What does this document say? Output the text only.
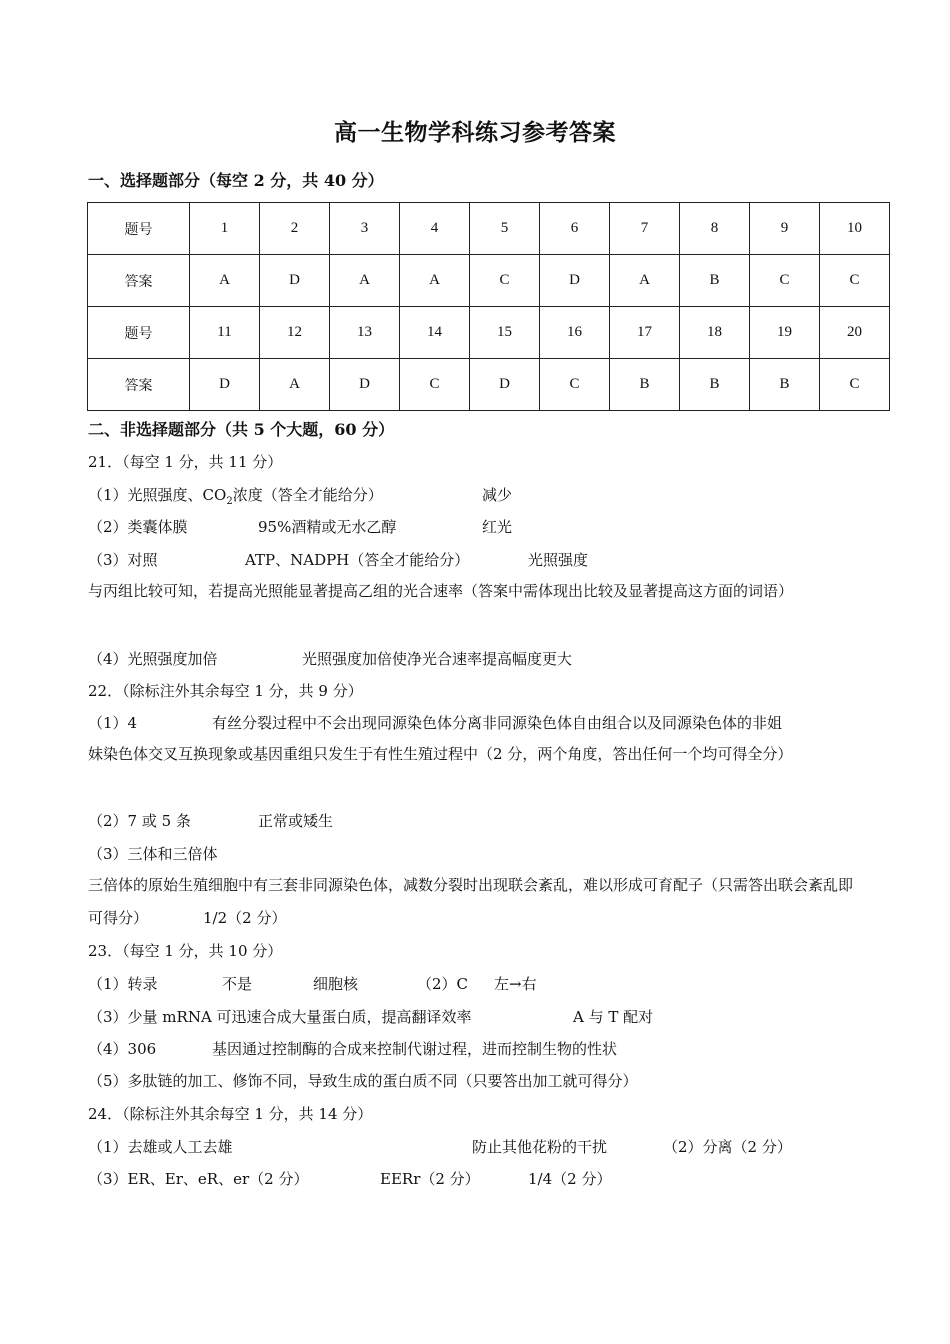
高一生物学科练习参考答案
一、选择题部分（每空 2 分，共 40 分）
题号	1	2	3	4	5	6	7	8	9	10
答案	A	D	A	A	C	D	A	B	C	C
题号	11	12	13	14	15	16	17	18	19	20
答案	D	A	D	C	D	C	B	B	B	C
二、非选择题部分（共 5 个大题，60 分）
21．（每空 1 分，共 11 分）
（1）光照强度、$CO_2$浓度（答全才能给分）	减少
（2）类囊体膜	95%酒精或无水乙醇	红光
（3）对照	ATP、NADPH（答全才能给分）	光照强度
与丙组比较可知，若提高光照能显著提高乙组的光合速率（答案中需体现出比较及显著提高这方面的词语）
（4）光照强度加倍	光照强度加倍使净光合速率提高幅度更大
22．（除标注外其余每空 1 分，共 9 分）
（1）4	有丝分裂过程中不会出现同源染色体分离非同源染色体自由组合以及同源染色体的非姐
妹染色体交叉互换现象或基因重组只发生于有性生殖过程中（2 分，两个角度，答出任何一个均可得全分）
（2）7 或 5 条	正常或矮生
（3）三体和三倍体
三倍体的原始生殖细胞中有三套非同源染色体，减数分裂时出现联会紊乱，难以形成可育配子（只需答出联会紊乱即可得分）	1/2（2 分）
23．（每空 1 分，共 10 分）
（1）转录	不是	细胞核	（2）C 左→右
（3）少量 mRNA 可迅速合成大量蛋白质，提高翻译效率	A 与 T 配对
（4）306	基因通过控制酶的合成来控制代谢过程，进而控制生物的性状
（5）多肽链的加工、修饰不同，导致生成的蛋白质不同（只要答出加工就可得分）
24．（除标注外其余每空 1 分，共 14 分）
（1）去雄或人工去雄	防止其他花粉的干扰	（2）分离（2 分）
（3）ER、Er、eR、er（2 分）	EERr（2 分）	1/4（2 分）
